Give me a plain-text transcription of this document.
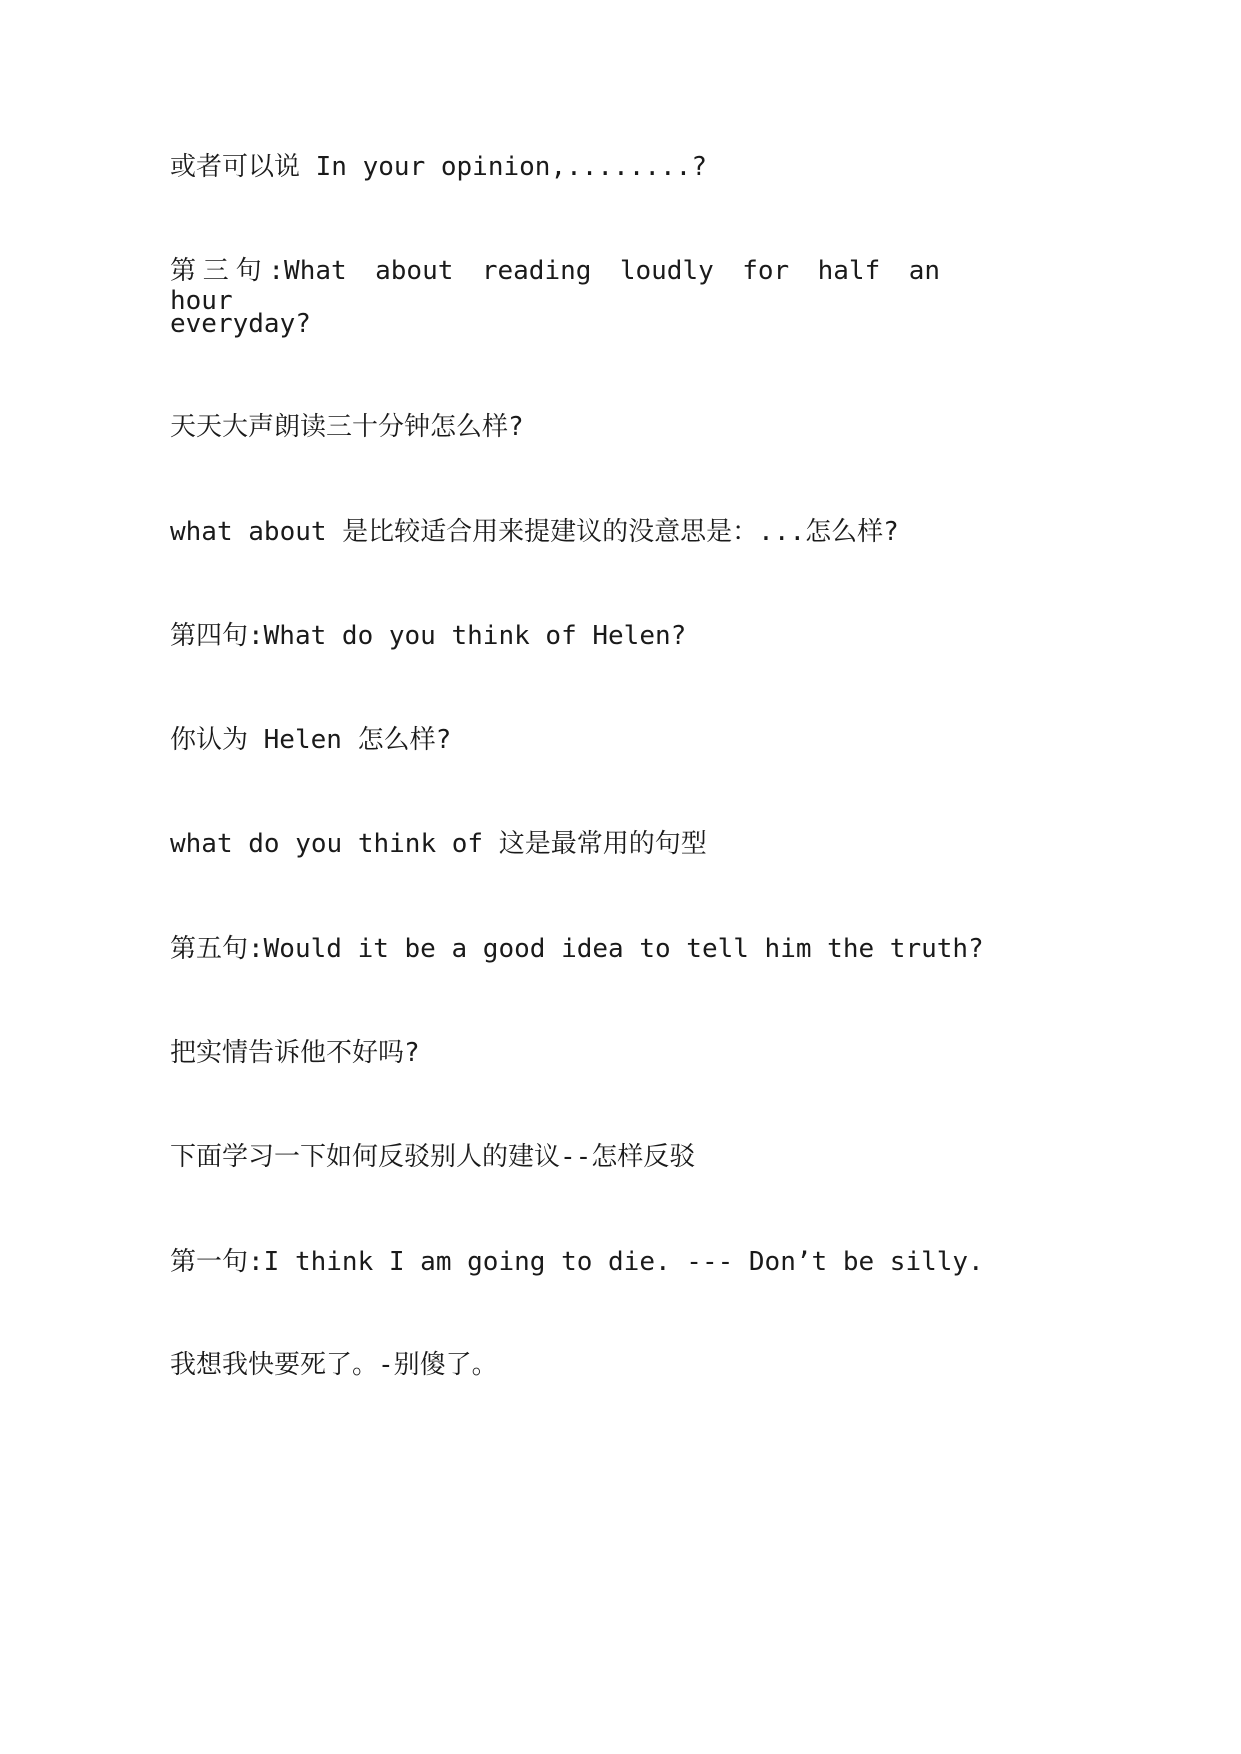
或者可以说 In your opinion,........?
第三句:What about reading loudly for half an hour
everyday?
天天大声朗读三十分钟怎么样?
what about 是比较适合用来提建议的没意思是：...怎么样?
第四句:What do you think of Helen?
你认为 Helen 怎么样?
what do you think of 这是最常用的句型
第五句:Would it be a good idea to tell him the truth?
把实情告诉他不好吗?
下面学习一下如何反驳别人的建议--怎样反驳
第一句:I think I am going to die. --- Don’t be silly.
我想我快要死了。-别傻了。
